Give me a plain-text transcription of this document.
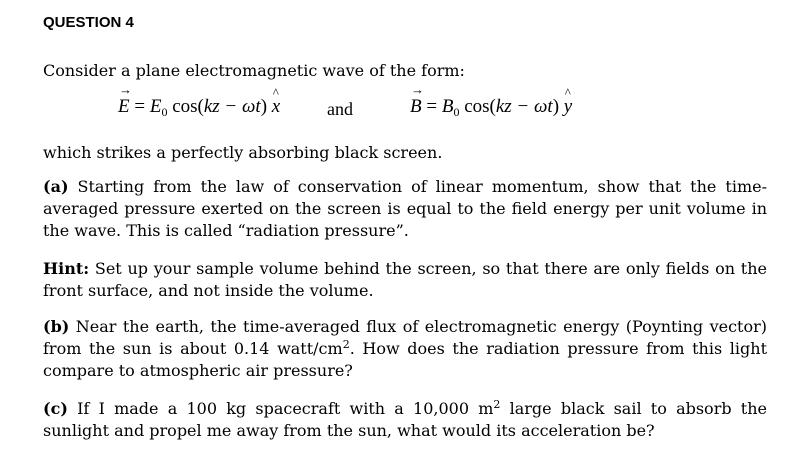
QUESTION 4
Consider a plane electromagnetic wave of the form:
→ $E = E_0$ cos(kz − ωt) ^ x	and	→ $B = B_0$ cos(kz − ωt) ^ y
which strikes a perfectly absorbing black screen.
(a) Starting from the law of conservation of linear momentum, show that the time-averaged pressure exerted on the screen is equal to the field energy per unit volume in the wave. This is called “radiation pressure”.
Hint: Set up your sample volume behind the screen, so that there are only fields on the front surface, and not inside the volume.
(b) Near the earth, the time-averaged flux of electromagnetic energy (Poynting vector) from the sun is about 0.14 watt/$cm^2$. How does the radiation pressure from this light compare to atmospheric air pressure?
(c) If I made a 100 kg spacecraft with a 10,000 $m^2$ large black sail to absorb the sunlight and propel me away from the sun, what would its acceleration be?
